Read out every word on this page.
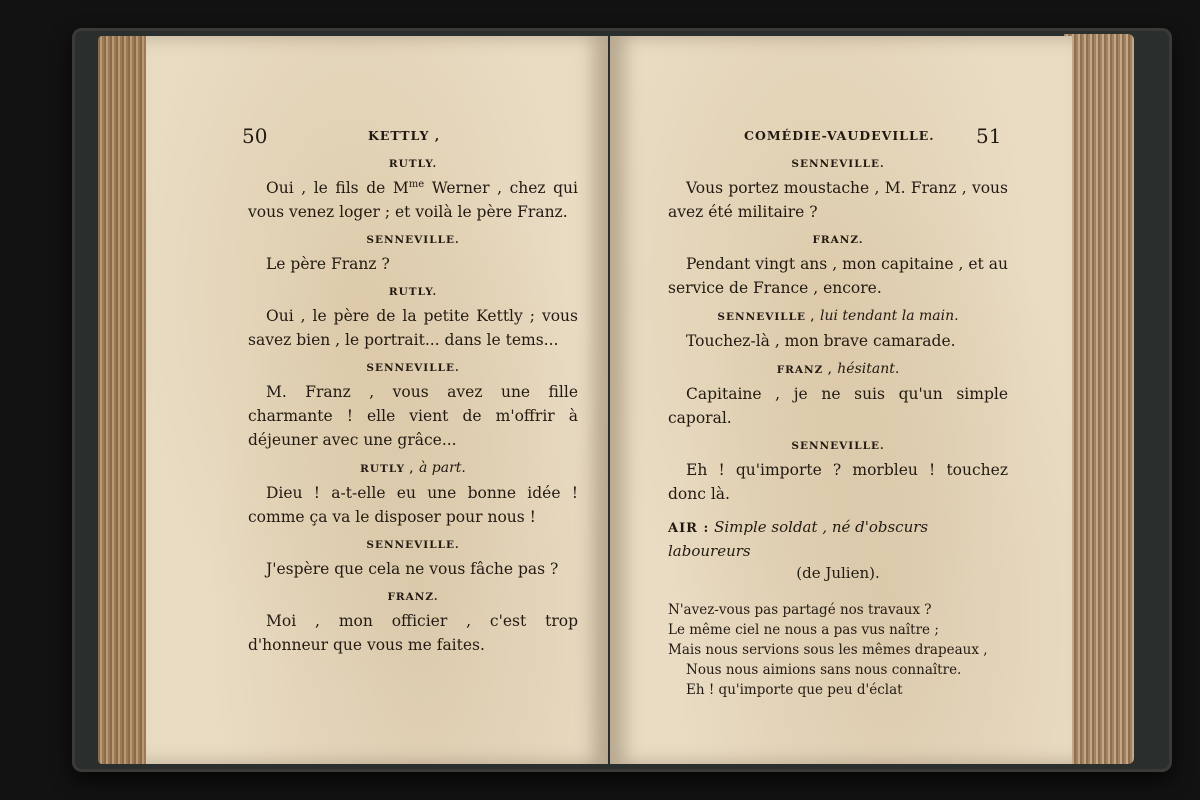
50	KETTLY ,
RUTLY.
Oui , le fils de $M^{me}$ Werner , chez qui vous venez loger ; et voilà le père Franz.
SENNEVILLE.
Le père Franz ?
RUTLY.
Oui , le père de la petite Kettly ; vous savez bien , le portrait... dans le tems...
SENNEVILLE.
M. Franz , vous avez une fille charmante ! elle vient de m'offrir à déjeuner avec une grâce...
RUTLY , à part.
Dieu ! a-t-elle eu une bonne idée ! comme ça va le disposer pour nous !
SENNEVILLE.
J'espère que cela ne vous fâche pas ?
FRANZ.
Moi , mon officier , c'est trop d'honneur que vous me faites.
COMÉDIE-VAUDEVILLE. 51
SENNEVILLE.
Vous portez moustache , M. Franz , vous avez été militaire ?
FRANZ.
Pendant vingt ans , mon capitaine , et au service de France , encore.
SENNEVILLE , lui tendant la main.
Touchez-là , mon brave camarade.
FRANZ , hésitant.
Capitaine , je ne suis qu'un simple caporal.
SENNEVILLE.
Eh ! qu'importe ? morbleu ! touchez donc là.
AIR : Simple soldat , né d'obscurs laboureurs
(de Julien).
N'avez-vous pas partagé nos travaux ?
Le même ciel ne nous a pas vus naître ;
Mais nous servions sous les mêmes drapeaux ,
Nous nous aimions sans nous connaître.
Eh ! qu'importe que peu d'éclat
